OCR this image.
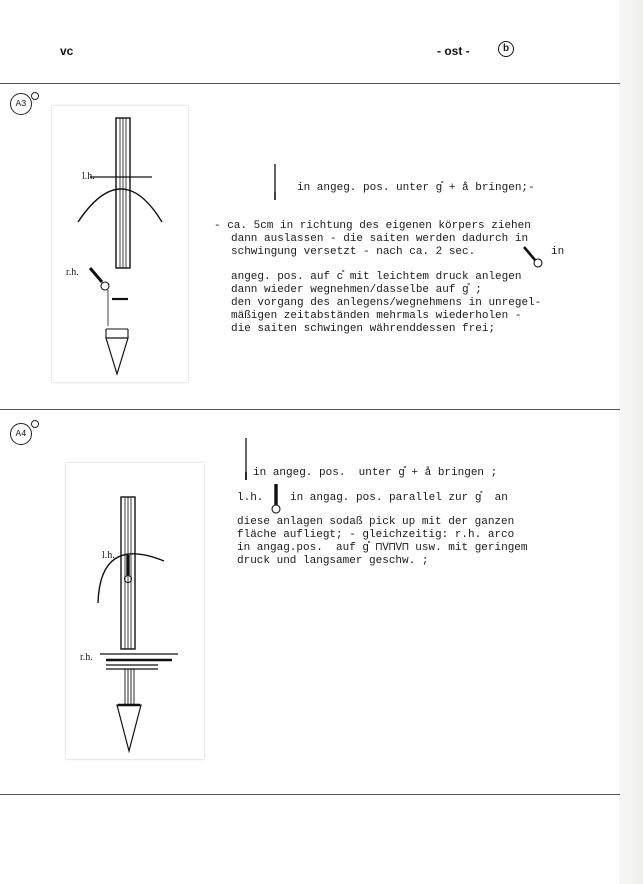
vc	- ost -	b
A3
l.h.
r.h.
in angeg. pos. unter g̊ + å bringen;-
- ca. 5cm in richtung des eigenen körpers ziehen
dann auslassen - die saiten werden dadurch in
schwingung versetzt - nach ca. 2 sec.	in
angeg. pos. auf c̊ mit leichtem druck anlegen
dann wieder wegnehmen/dasselbe auf g̊ ;
den vorgang des anlegens/wegnehmens in unregel-
mäßigen zeitabständen mehrmals wiederholen -
die saiten schwingen währenddessen frei;
A4
l.h.
r.h.
in angeg. pos.  unter g̊ + å bringen ;
l.h. in angag. pos. parallel zur g̊  an
diese anlagen sodaß pick up mit der ganzen
fläche aufliegt; - gleichzeitig: r.h. arco
in angag.pos.  auf g̊ ⊓V⊓V⊓ usw. mit geringem
druck und langsamer geschw. ;
